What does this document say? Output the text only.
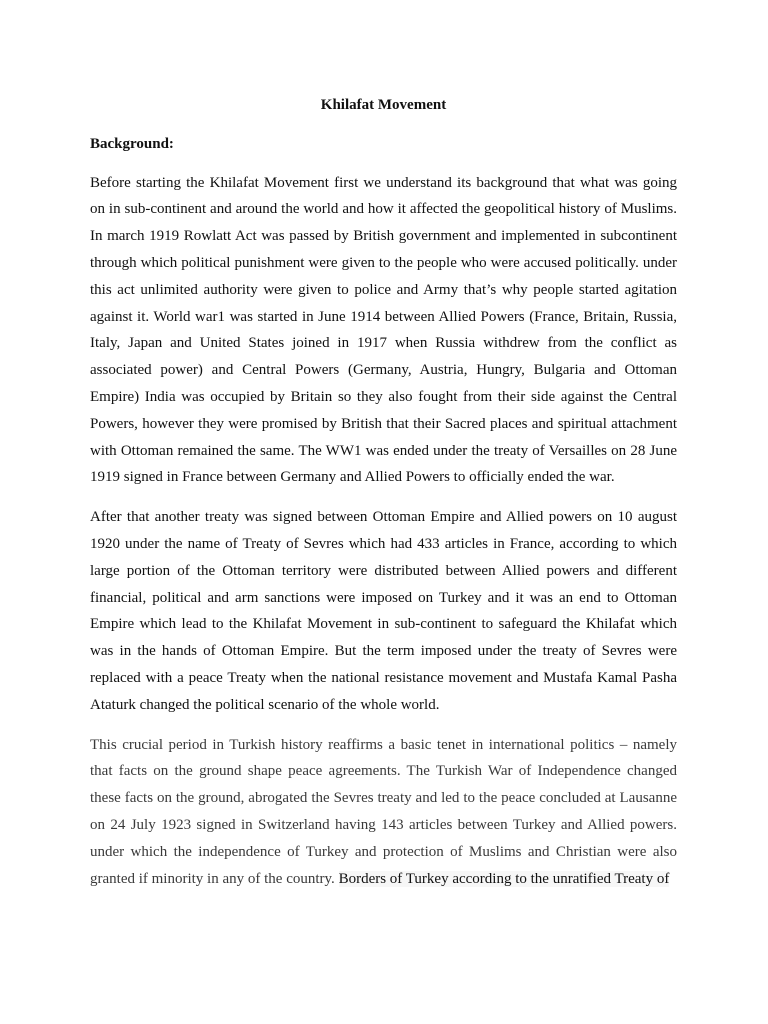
Khilafat Movement
Background:

Before starting the Khilafat Movement first we understand its background that what was going on in sub-continent and around the world and how it affected the geopolitical history of Muslims. In march 1919 Rowlatt Act was passed by British government and implemented in subcontinent through which political punishment were given to the people who were accused politically. under this act unlimited authority were given to police and Army that’s why people started agitation against it. World war1 was started in June 1914 between Allied Powers (France, Britain, Russia, Italy, Japan and United States joined in 1917 when Russia withdrew from the conflict as associated power) and Central Powers (Germany, Austria, Hungry, Bulgaria and Ottoman Empire) India was occupied by Britain so they also fought from their side against the Central Powers, however they were promised by British that their Sacred places and spiritual attachment with Ottoman remained the same. The WW1 was ended under the treaty of Versailles on 28 June 1919 signed in France between Germany and Allied Powers to officially ended the war.

After that another treaty was signed between Ottoman Empire and Allied powers on 10 august 1920 under the name of Treaty of Sevres which had 433 articles in France, according to which large portion of the Ottoman territory were distributed between Allied powers and different financial, political and arm sanctions were imposed on Turkey and it was an end to Ottoman Empire which lead to the Khilafat Movement in sub-continent to safeguard the Khilafat which was in the hands of Ottoman Empire. But the term imposed under the treaty of Sevres were replaced with a peace Treaty when the national resistance movement and Mustafa Kamal Pasha Ataturk changed the political scenario of the whole world.

This crucial period in Turkish history reaffirms a basic tenet in international politics – namely that facts on the ground shape peace agreements. The Turkish War of Independence changed these facts on the ground, abrogated the Sevres treaty and led to the peace concluded at Lausanne on 24 July 1923 signed in Switzerland having 143 articles between Turkey and Allied powers. under which the independence of Turkey and protection of Muslims and Christian were also granted if minority in any of the country. Borders of Turkey according to the unratified Treaty of
